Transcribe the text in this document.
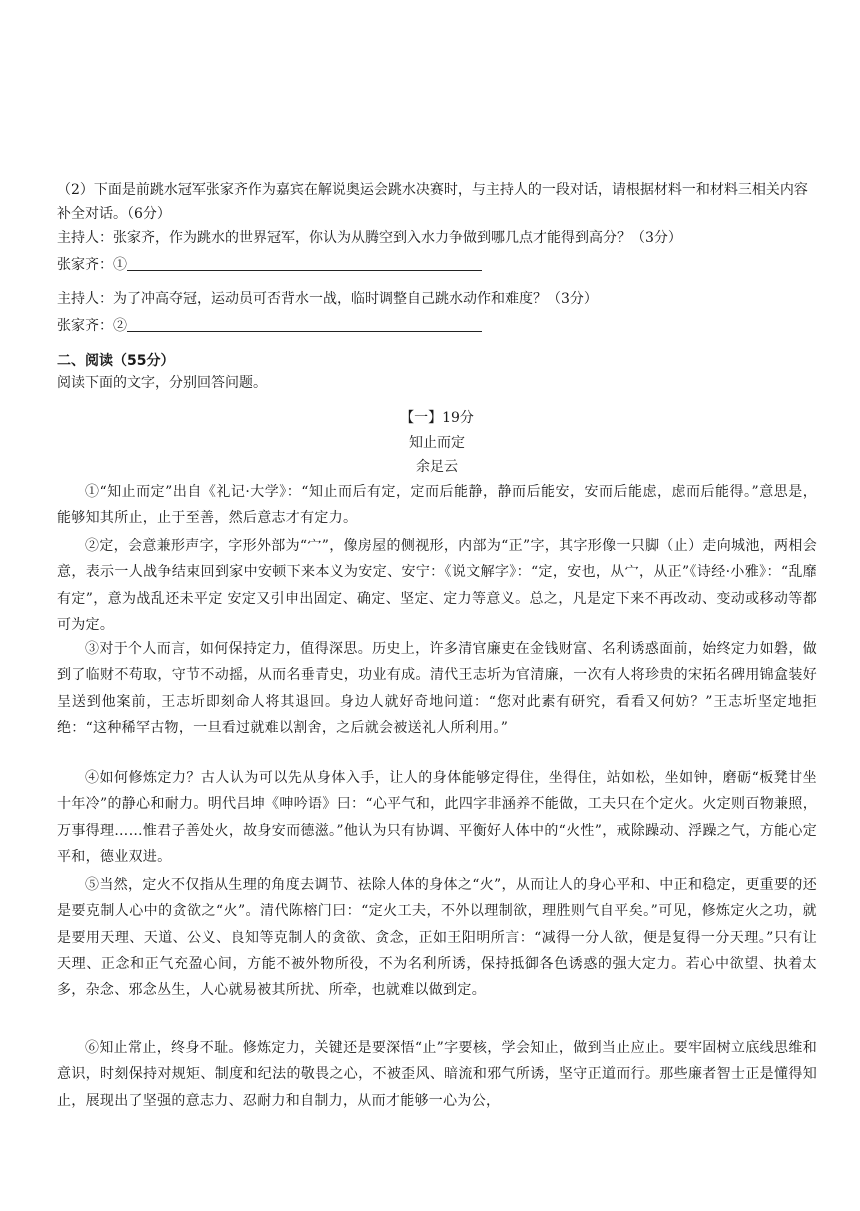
（2）下面是前跳水冠军张家齐作为嘉宾在解说奥运会跳水决赛时，与主持人的一段对话，请根据材料一和材料三相关内容补全对话。（6分）

主持人：张家齐，作为跳水的世界冠军，你认为从腾空到入水力争做到哪几点才能得到高分？（3分）

张家齐：①

主持人：为了冲高夺冠，运动员可否背水一战，临时调整自己跳水动作和难度？（3分）

张家齐：②

二、阅读（55分）

阅读下面的文字，分别回答问题。

【一】19分

知止而定

余足云

①“知止而定”出自《礼记·大学》：“知止而后有定，定而后能静，静而后能安，安而后能虑，虑而后能得。”意思是，能够知其所止，止于至善，然后意志才有定力。

②定，会意兼形声字，字形外部为“宀”，像房屋的侧视形，内部为“正”字，其字形像一只脚（止）走向城池，两相会意，表示一人战争结束回到家中安顿下来本义为安定、安宁：《说文解字》：“定，安也，从宀，从正”《诗经·小雅》：“乱靡有定”，意为战乱还未平定 安定又引申出固定、确定、坚定、定力等意义。总之，凡是定下来不再改动、变动或移动等都可为定。

③对于个人而言，如何保持定力，值得深思。历史上，许多清官廉吏在金钱财富、名利诱惑面前，始终定力如磐，做到了临财不苟取，守节不动摇，从而名垂青史，功业有成。清代王志圻为官清廉，一次有人将珍贵的宋拓名碑用锦盒装好呈送到他案前，王志圻即刻命人将其退回。身边人就好奇地问道：“您对此素有研究，看看又何妨？”王志圻坚定地拒绝：“这种稀罕古物，一旦看过就难以割舍，之后就会被送礼人所利用。”

④如何修炼定力？古人认为可以先从身体入手，让人的身体能够定得住，坐得住，站如松，坐如钟，磨砺“板凳甘坐 十年冷”的静心和耐力。明代吕坤《呻吟语》曰：“心平气和，此四字非涵养不能做，工夫只在个定火。火定则百物兼照，万事得理……惟君子善处火，故身安而德滋。”他认为只有协调、平衡好人体中的“火性”，戒除躁动、浮躁之气，方能心定平和，德业双进。

⑤当然，定火不仅指从生理的角度去调节、祛除人体的身体之“火”，从而让人的身心平和、中正和稳定，更重要的还是要克制人心中的贪欲之“火”。清代陈榕门曰：“定火工夫，不外以理制欲，理胜则气自平矣。”可见，修炼定火之功，就是要用天理、天道、公义、良知等克制人的贪欲、贪念，正如王阳明所言：“减得一分人欲，便是复得一分天理。”只有让天理、正念和正气充盈心间，方能不被外物所役，不为名利所诱，保持抵御各色诱惑的强大定力。若心中欲望、执着太多，杂念、邪念丛生，人心就易被其所扰、所牵，也就难以做到定。

⑥知止常止，终身不耻。修炼定力，关键还是要深悟“止”字要核，学会知止，做到当止应止。要牢固树立底线思维和意识，时刻保持对规矩、制度和纪法的敬畏之心，不被歪风、暗流和邪气所诱，坚守正道而行。那些廉者智士正是懂得知止，展现出了坚强的意志力、忍耐力和自制力，从而才能够一心为公，
